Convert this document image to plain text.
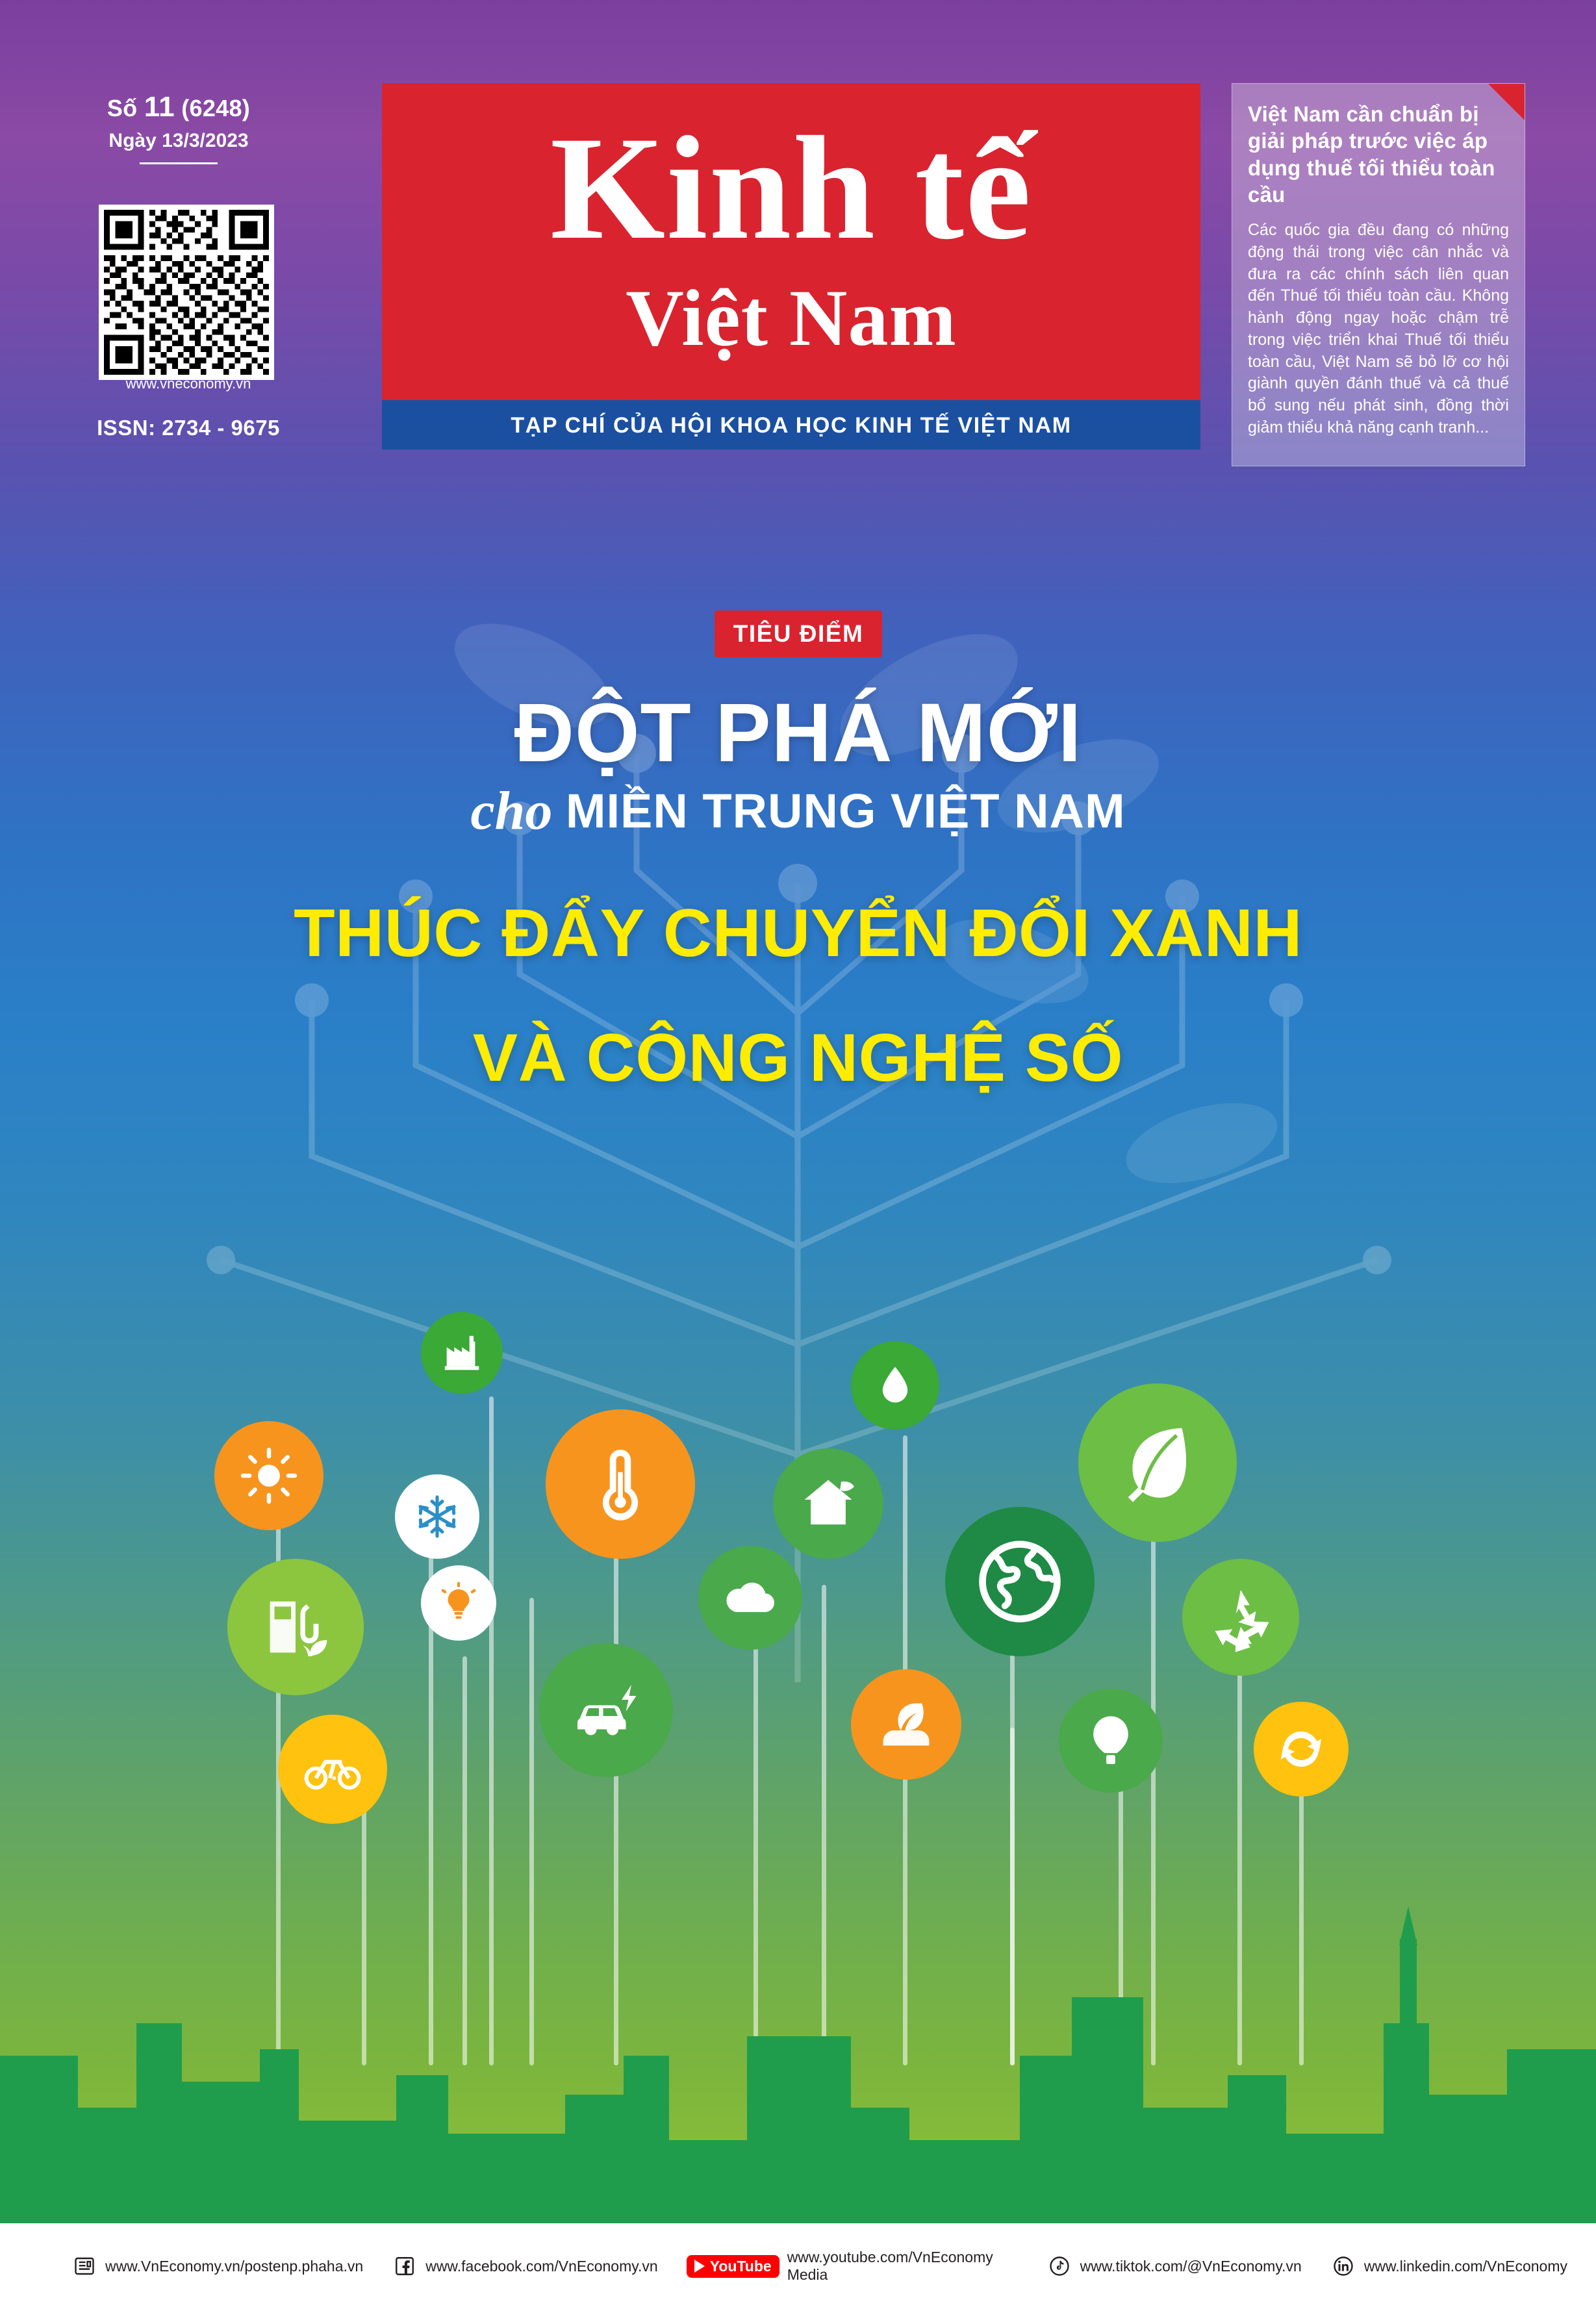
Số 11 (6248)
Ngày 13/3/2023
www.vneconomy.vn
ISSN: 2734 - 9675
Kinh tế
Việt Nam
TẠP CHÍ CỦA HỘI KHOA HỌC KINH TẾ VIỆT NAM
Việt Nam cần chuẩn bị giải pháp trước việc áp dụng thuế tối thiểu toàn cầu
Các quốc gia đều đang có những động thái trong việc cân nhắc và đưa ra các chính sách liên quan đến Thuế tối thiểu toàn cầu. Không hành động ngay hoặc chậm trễ trong việc triển khai Thuế tối thiểu toàn cầu, Việt Nam sẽ bỏ lỡ cơ hội giành quyền đánh thuế và cả thuế bổ sung nếu phát sinh, đồng thời giảm thiểu khả năng cạnh tranh...
TIÊU ĐIỂM
ĐỘT PHÁ MỚI
cho MIỀN TRUNG VIỆT NAM
THÚC ĐẨY CHUYỂN ĐỔI XANH
VÀ CÔNG NGHỆ SỐ
www.VnEconomy.vn/postenp.phaha.vn	www.facebook.com/VnEconomy.vn	YouTube
www.youtube.com/VnEconomy Media
www.tiktok.com/@VnEconomy.vn	www.linkedin.com/VnEconomy
